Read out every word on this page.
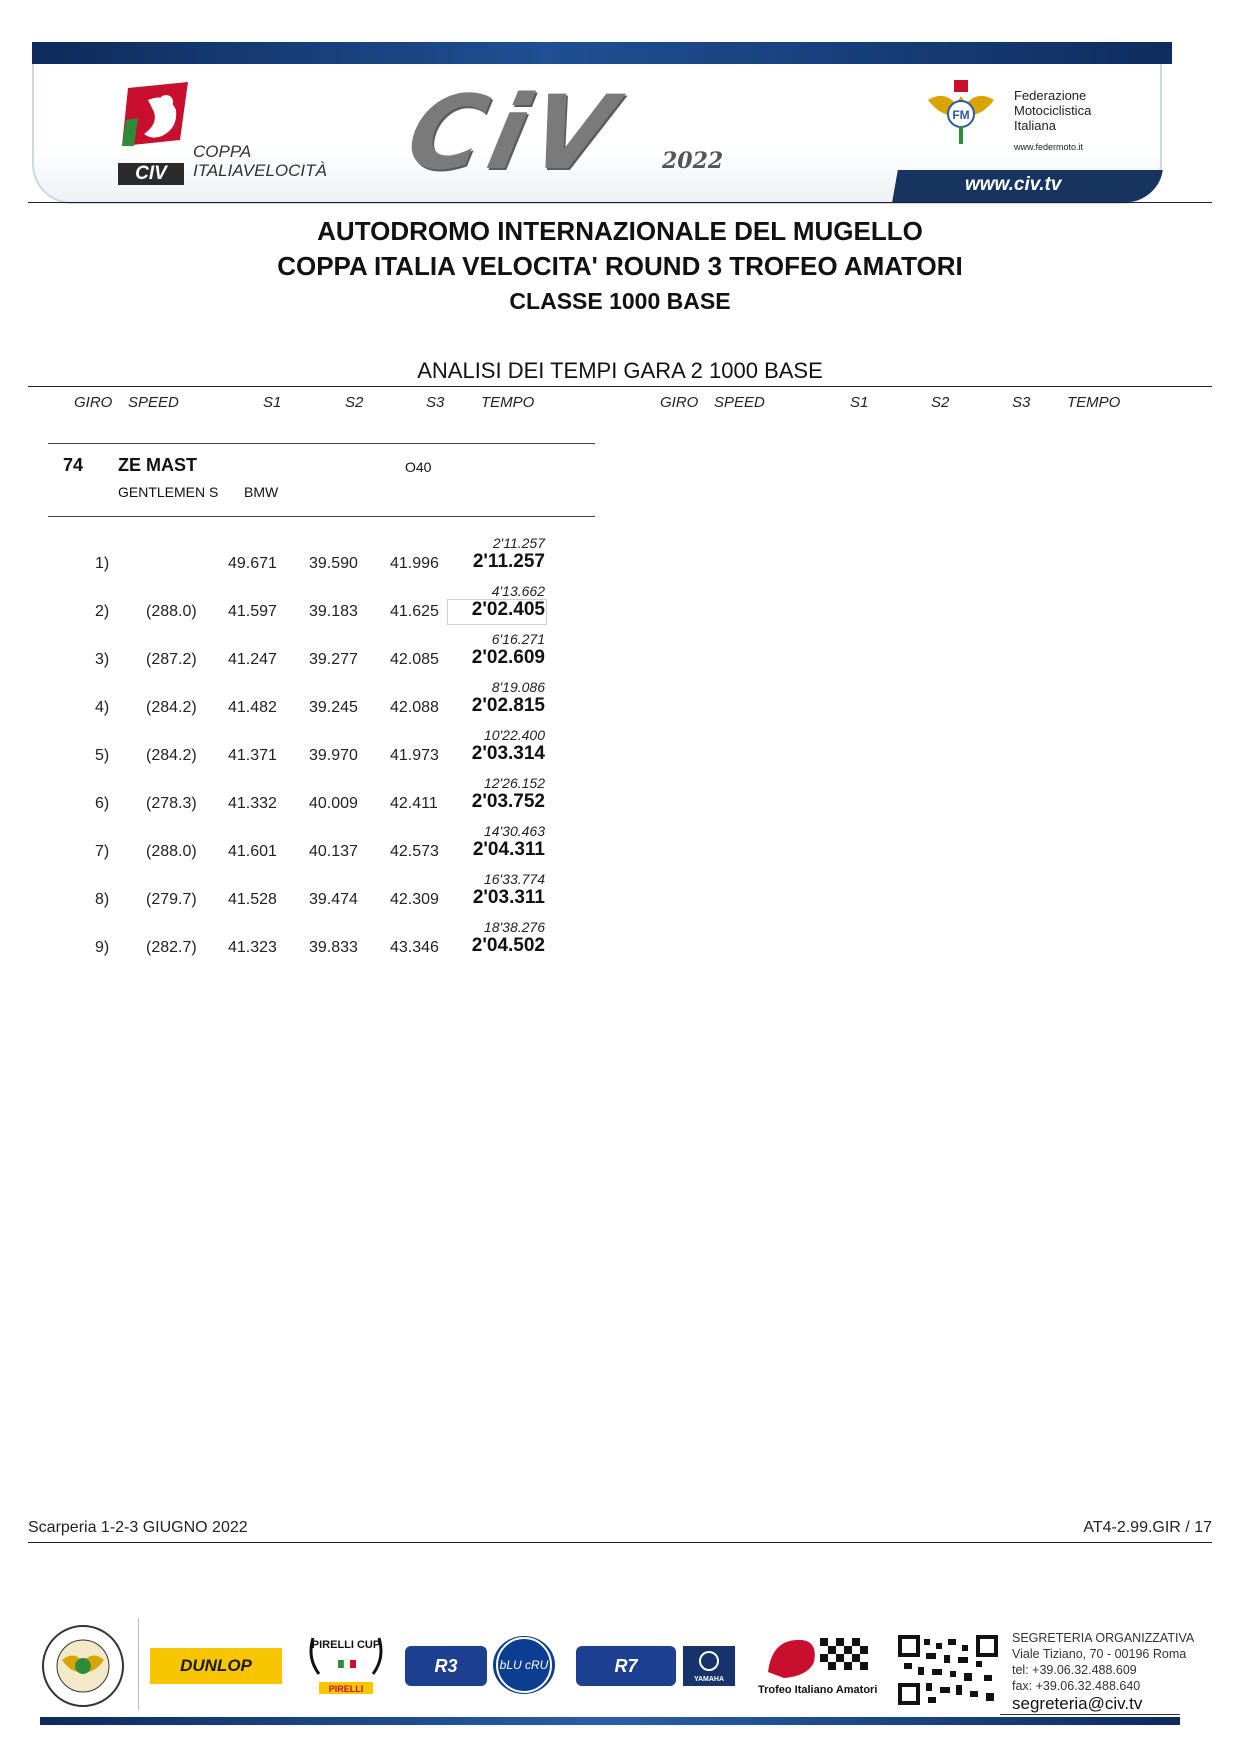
www.civ.tv
COPPA
ITALIAVELOCITÀ
CIV CiV 2022
FM
Federazione
Motociclistica
Italiana
www.federmoto.it
AUTODROMO INTERNAZIONALE DEL MUGELLO
COPPA ITALIA VELOCITA' ROUND 3 TROFEO AMATORI
CLASSE 1000 BASE
ANALISI DEI TEMPI GARA 2 1000 BASE
GIRO SPEED	S1	S2	S3 TEMPO	GIRO SPEED	S1	S2	S3 TEMPO
74 ZE MAST	O40
GENTLEMEN S BMW
2'11.257
1)	49.671 39.590 41.996 2'11.257
4'13.662
2) (288.0) 41.597 39.183 41.625 2'02.405
6'16.271
3) (287.2) 41.247 39.277 42.085 2'02.609
8'19.086
4) (284.2) 41.482 39.245 42.088 2'02.815
10'22.400
5) (284.2) 41.371 39.970 41.973 2'03.314
12'26.152
6) (278.3) 41.332 40.009 42.411 2'03.752
14'30.463
7) (288.0) 41.601 40.137 42.573 2'04.311
16'33.774
8) (279.7) 41.528 39.474 42.309 2'03.311
18'38.276
9) (282.7) 41.323 39.833 43.346 2'04.502
Scarperia 1-2-3 GIUGNO 2022	AT4-2.99.GIR / 17
DUNLOP
PIRELLI CUP
PIRELLI
R3	bLU cRU	R7
YAMAHA
Trofeo Italiano Amatori
SEGRETERIA ORGANIZZATIVA
Viale Tiziano, 70 - 00196 Roma
tel: +39.06.32.488.609
fax: +39.06.32.488.640
segreteria@civ.tv
